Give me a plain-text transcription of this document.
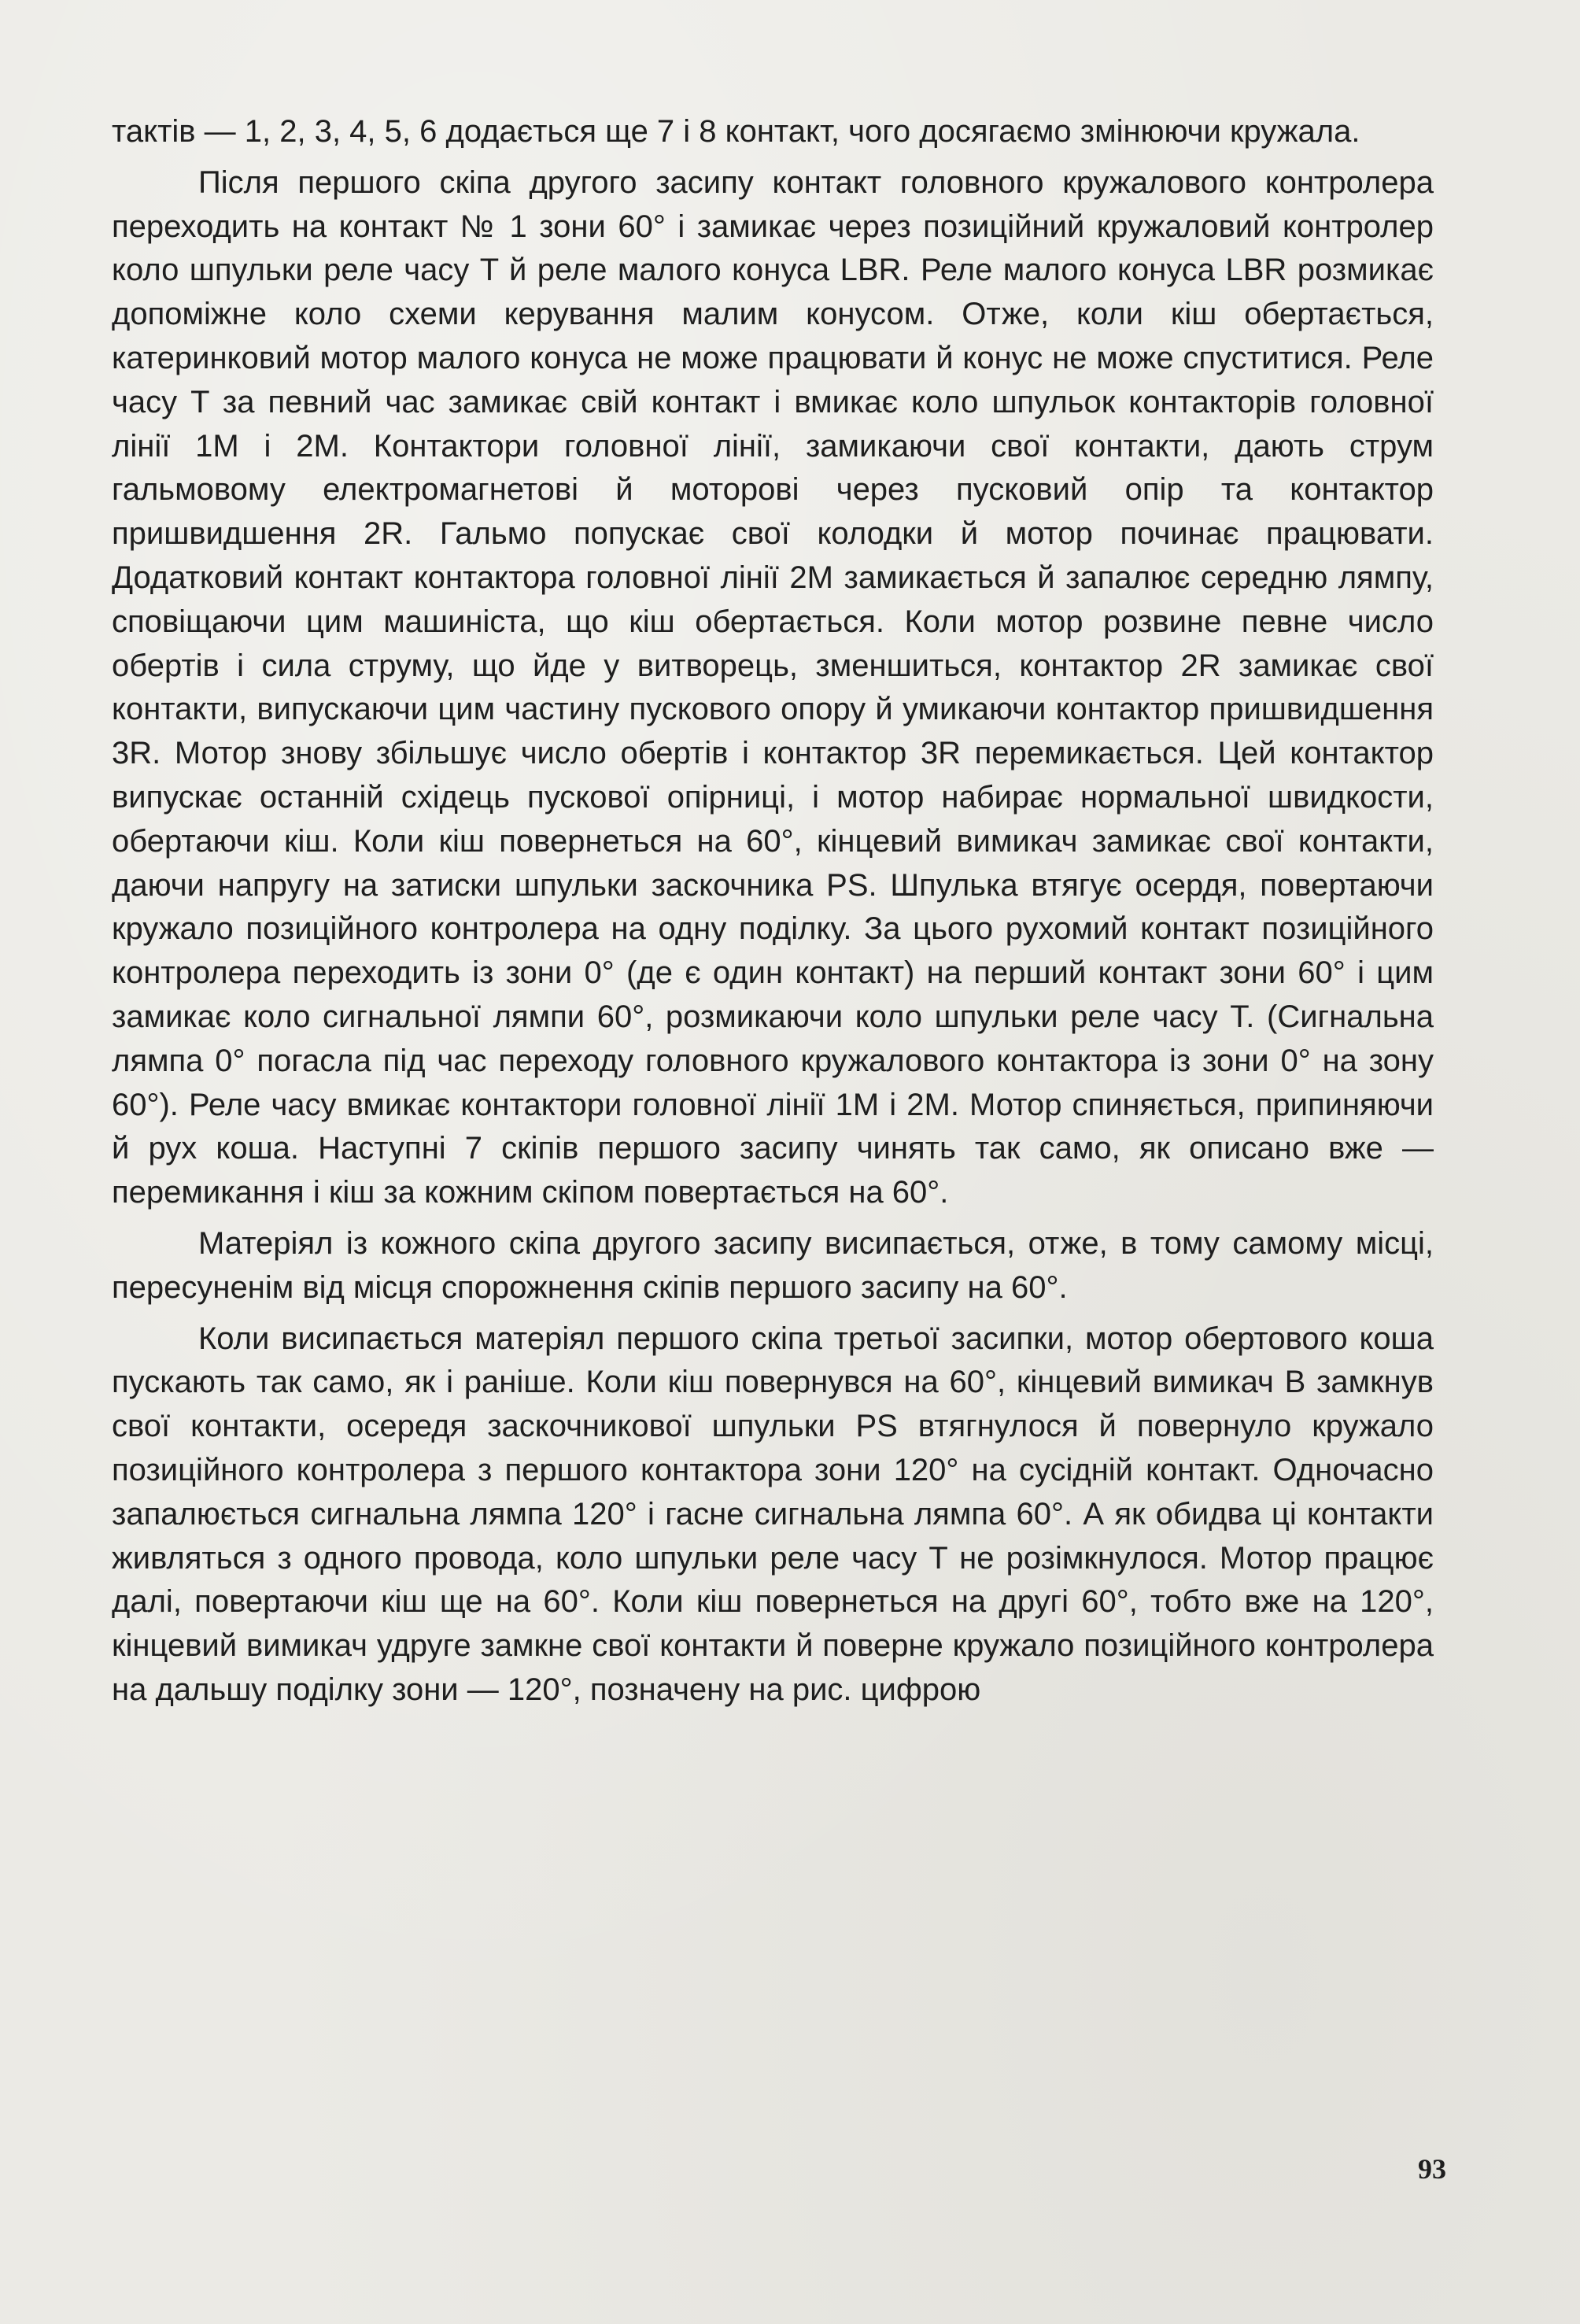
тактів — 1, 2, 3, 4, 5, 6 додається ще 7 і 8 контакт, чого досягаємо змінюючи кружала.

Після першого скіпа другого засипу контакт головного кружалового контролера переходить на контакт № 1 зони 60° і замикає через позиційний кружаловий контролер коло шпульки реле часу T й реле малого конуса LBR. Реле малого конуса LBR розмикає допоміжне коло схеми керування малим конусом. Отже, коли кіш обертається, катеринковий мотор малого конуса не може працювати й конус не може спуститися. Реле часу T за певний час замикає свій контакт і вмикає коло шпульок контакторів головної лінії 1M і 2M. Контактори головної лінії, замикаючи свої контакти, дають струм гальмовому електромагнетові й моторові через пусковий опір та контактор пришвидшення 2R. Гальмо попускає свої колодки й мотор починає працювати. Додатковий контакт контактора головної лінії 2M замикається й запалює середню лямпу, сповіщаючи цим машиніста, що кіш обертається. Коли мотор розвине певне число обертів і сила струму, що йде у витворець, зменшиться, контактор 2R замикає свої контакти, випускаючи цим частину пускового опору й умикаючи контактор пришвидшення 3R. Мотор знову збільшує число обертів і контактор 3R перемикається. Цей контактор випускає останній східець пускової опірниці, і мотор набирає нормальної швидкости, обертаючи кіш. Коли кіш повернеться на 60°, кінцевий вимикач замикає свої контакти, даючи напругу на затиски шпульки заскочника PS. Шпулька втягує осердя, повертаючи кружало позиційного контролера на одну поділку. За цього рухомий контакт позиційного контролера переходить із зони 0° (де є один контакт) на перший контакт зони 60° і цим замикає коло сигнальної лямпи 60°, розмикаючи коло шпульки реле часу T. (Сигнальна лямпа 0° погасла під час переходу головного кружалового контактора із зони 0° на зону 60°). Реле часу вмикає контактори головної лінії 1M і 2M. Мотор спиняється, припиняючи й рух коша. Наступні 7 скіпів першого засипу чинять так само, як описано вже — перемикання і кіш за кожним скіпом повертається на 60°.

Матеріял із кожного скіпа другого засипу висипається, отже, в тому самому місці, пересуненім від місця спорожнення скіпів першого засипу на 60°.

Коли висипається матеріял першого скіпа третьої засипки, мотор обертового коша пускають так само, як і раніше. Коли кіш повернувся на 60°, кінцевий вимикач B замкнув свої контакти, осередя заскочникової шпульки PS втягнулося й повернуло кружало позиційного контролера з першого контактора зони 120° на сусідній контакт. Одночасно запалюється сигнальна лямпа 120° і гасне сигнальна лямпа 60°. А як обидва ці контакти живляться з одного провода, коло шпульки реле часу T не розімкнулося. Мотор працює далі, повертаючи кіш ще на 60°. Коли кіш повернеться на другі 60°, тобто вже на 120°, кінцевий вимикач удруге замкне свої контакти й поверне кружало позиційного контролера на дальшу поділку зони — 120°, позначену на рис. цифрою

93
